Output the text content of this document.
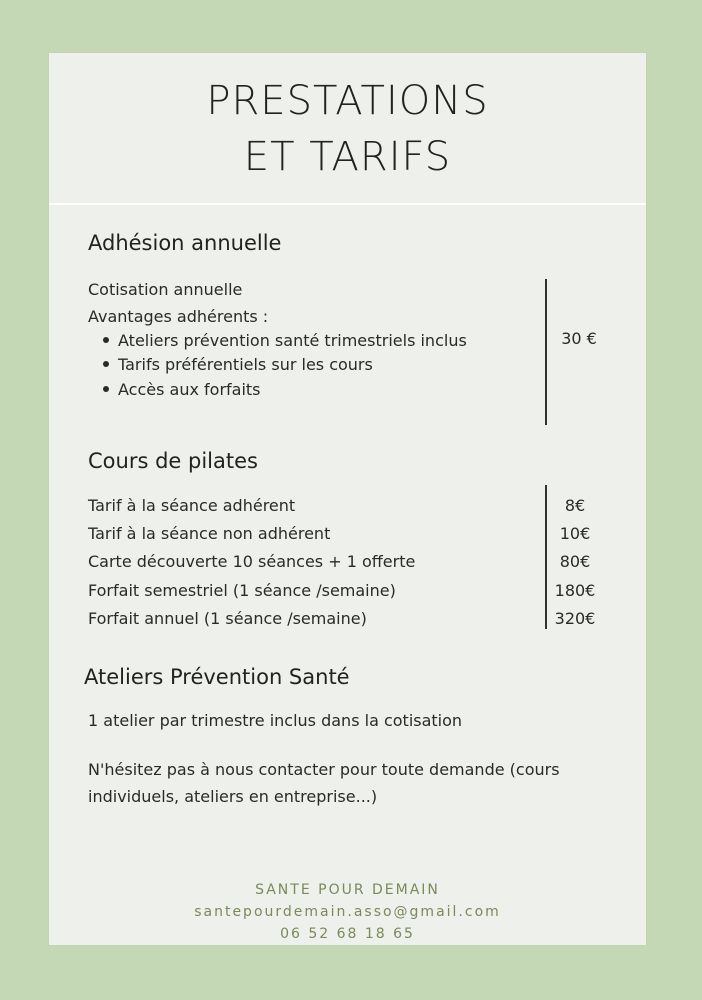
PRESTATIONS
ET TARIFS
Adhésion annuelle
Cotisation annuelle
Avantages adhérents :
Ateliers prévention santé trimestriels inclus
Tarifs préférentiels sur les cours
Accès aux forfaits
30 €
Cours de pilates
Tarif à la séance adhérent	8€
Tarif à la séance non adhérent	10€
Carte découverte 10 séances + 1 offerte	80€
Forfait semestriel (1 séance /semaine)	180€
Forfait annuel (1 séance /semaine)	320€
Ateliers Prévention Santé
1 atelier par trimestre inclus dans la cotisation
N'hésitez pas à nous contacter pour toute demande (cours
individuels, ateliers en entreprise...)
SANTE POUR DEMAIN
santepourdemain.asso@gmail.com
06 52 68 18 65
